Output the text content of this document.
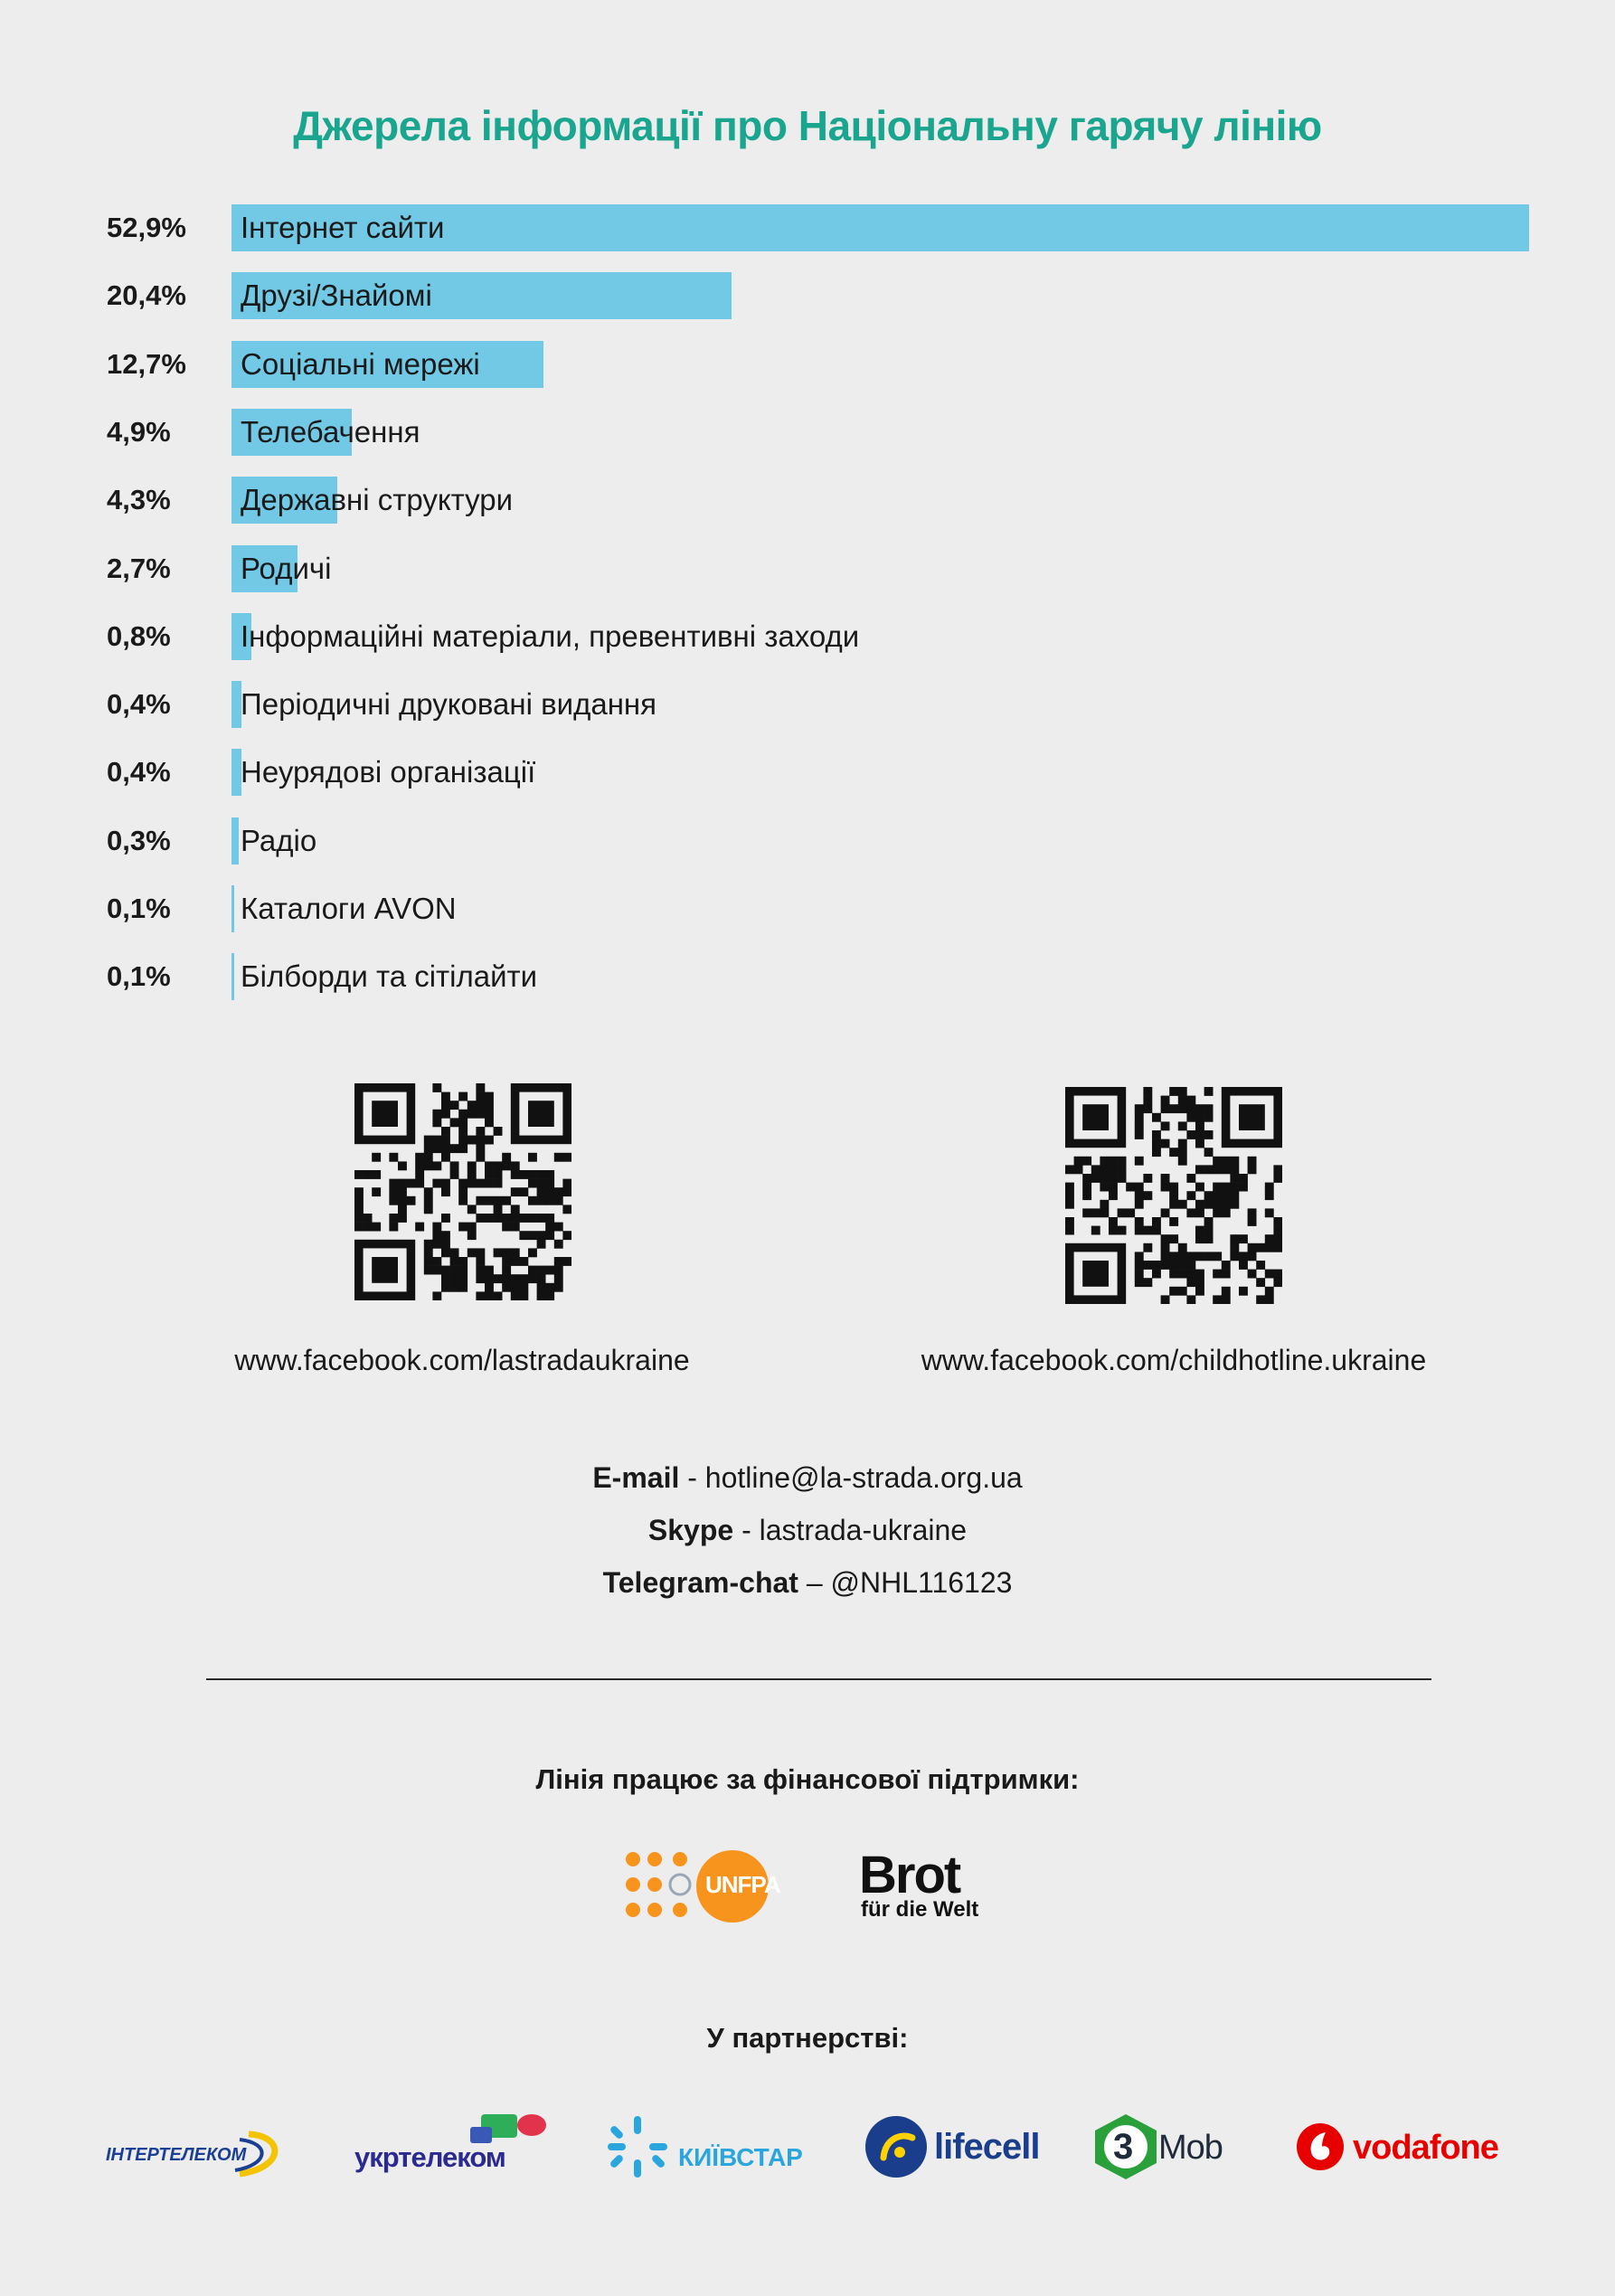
Джерела інформації про Національну гарячу лінію
52,9% Інтернет сайти
20,4% Друзі/Знайомі
12,7% Соціальні мережі
4,9% Телебачення
4,3% Державні структури
2,7% Родичі
0,8% Інформаційні матеріали, превентивні заходи
0,4% Періодичні друковані видання
0,4% Неурядові організації
0,3% Радіо
0,1% Каталоги AVON
0,1% Білборди та сітілайти
www.facebook.com/lastradaukraine	www.facebook.com/childhotline.ukraine
E-mail - hotline@la-strada.org.ua
Skype - lastrada-ukraine
Telegram-chat – @NHL116123
Лінія працює за фінансової підтримки:
UNFPA Brot
für die Welt
У партнерстві:
ІНТЕРТЕЛЕКОМ	укртелеком	КИЇВСТАР	lifecell 3 Mob	vodafone
